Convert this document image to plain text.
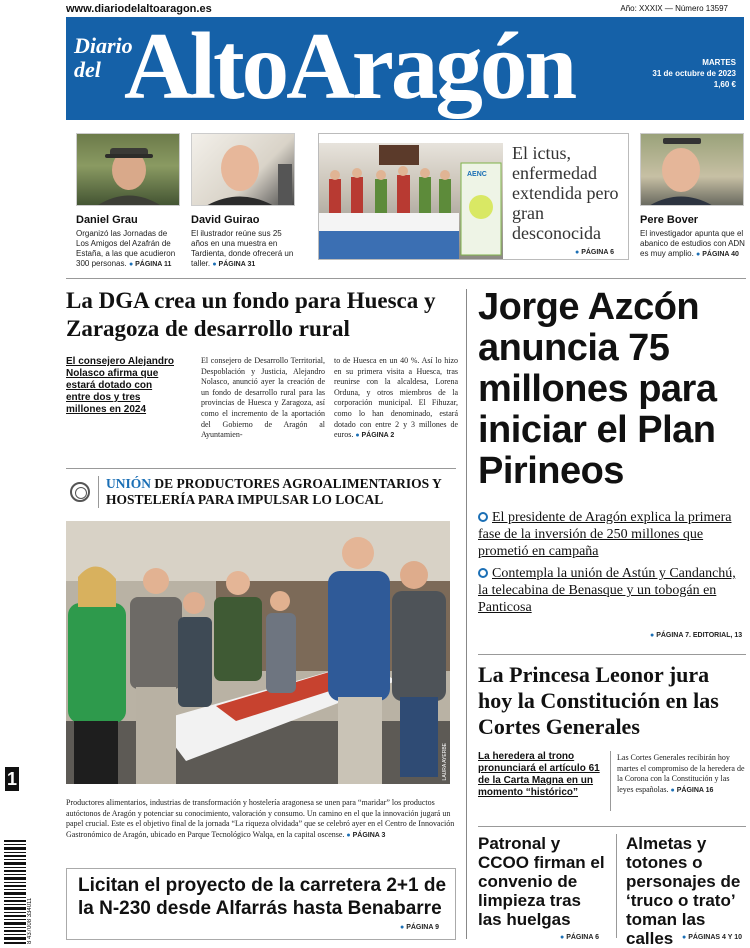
www.diariodelaltoaragon.es	Año: XXXIX — Número 13597
Diario
del AltoAragón	MARTES
31 de octubre de 2023
1,60 €
Daniel Grau
Organizó las Jornadas de Los Amigos del Azafrán de Estaña, a las que acudieron 300 personas. ● PÁGINA 11
David Guirao
El ilustrador reúne sus 25 años en una muestra en Tardienta, donde ofrecerá un taller. ● PÁGINA 31
AENC
El ictus, enfermedad extendida pero gran desconocida
● PÁGINA 6
Pere Bover
El investigador apunta que el abanico de estudios con ADN es muy amplio. ● PÁGINA 40
La DGA crea un fondo para Huesca y Zaragoza de desarrollo rural
El consejero Alejandro Nolasco afirma que estará dotado con entre dos y tres millones en 2024
El consejero de Desarrollo Territorial, Despoblación y Justicia, Alejandro Nolasco, anunció ayer la creación de un fondo de desarrollo rural para las provincias de Huesca y Zaragoza, así como el incremento de la aportación del Gobierno de Aragón al Ayuntamien-
to de Huesca en un 40 %. Así lo hizo en su primera visita a Huesca, tras reunirse con la alcaldesa, Lorena Orduna, y otros miembros de la corporación municipal. El Fihuzar, como lo han denominado, estará dotado con entre 2 y 3 millones de euros. ● PÁGINA 2
Jorge Azcón anuncia 75 millones para iniciar el Plan Pirineos
El presidente de Aragón explica la primera fase de la inversión de 250 millones que prometió en campaña
Contempla la unión de Astún y Candanchú, la telecabina de Benasque y un tobogán en Panticosa
● PÁGINA 7. EDITORIAL, 13
UNIÓN DE PRODUCTORES AGROALIMENTARIOS Y HOSTELERÍA PARA IMPULSAR LO LOCAL
LAURA AYERBE
Productores alimentarios, industrias de transformación y hostelería aragonesa se unen para “maridar” los productos autóctonos de Aragón y potenciar su conocimiento, valoración y consumo. Un camino en el que la innovación jugará un papel crucial. Este es el objetivo final de la jornada “La riqueza olvidada” que se celebró ayer en el Centro de Innovación Gastronómico de Aragón, ubicado en Parque Tecnológico Walqa, en la capital oscense. ● PÁGINA 3
Licitan el proyecto de la carretera 2+1 de la N-230 desde Alfarrás hasta Benabarre
● PÁGINA 9
La Princesa Leonor jura hoy la Constitución en las Cortes Generales
La heredera al trono pronunciará el artículo 61 de la Carta Magna en un momento “histórico”
Las Cortes Generales recibirán hoy martes el compromiso de la heredera de la Corona con la Constitución y las leyes españolas. ● PÁGINA 16
Patronal y CCOO firman el convenio de limpieza tras las huelgas
● PÁGINA 6
Almetas y totones o personajes de ‘truco o trato’ toman las calles	● PÁGINAS 4 Y 10
1
8 437008 334011
